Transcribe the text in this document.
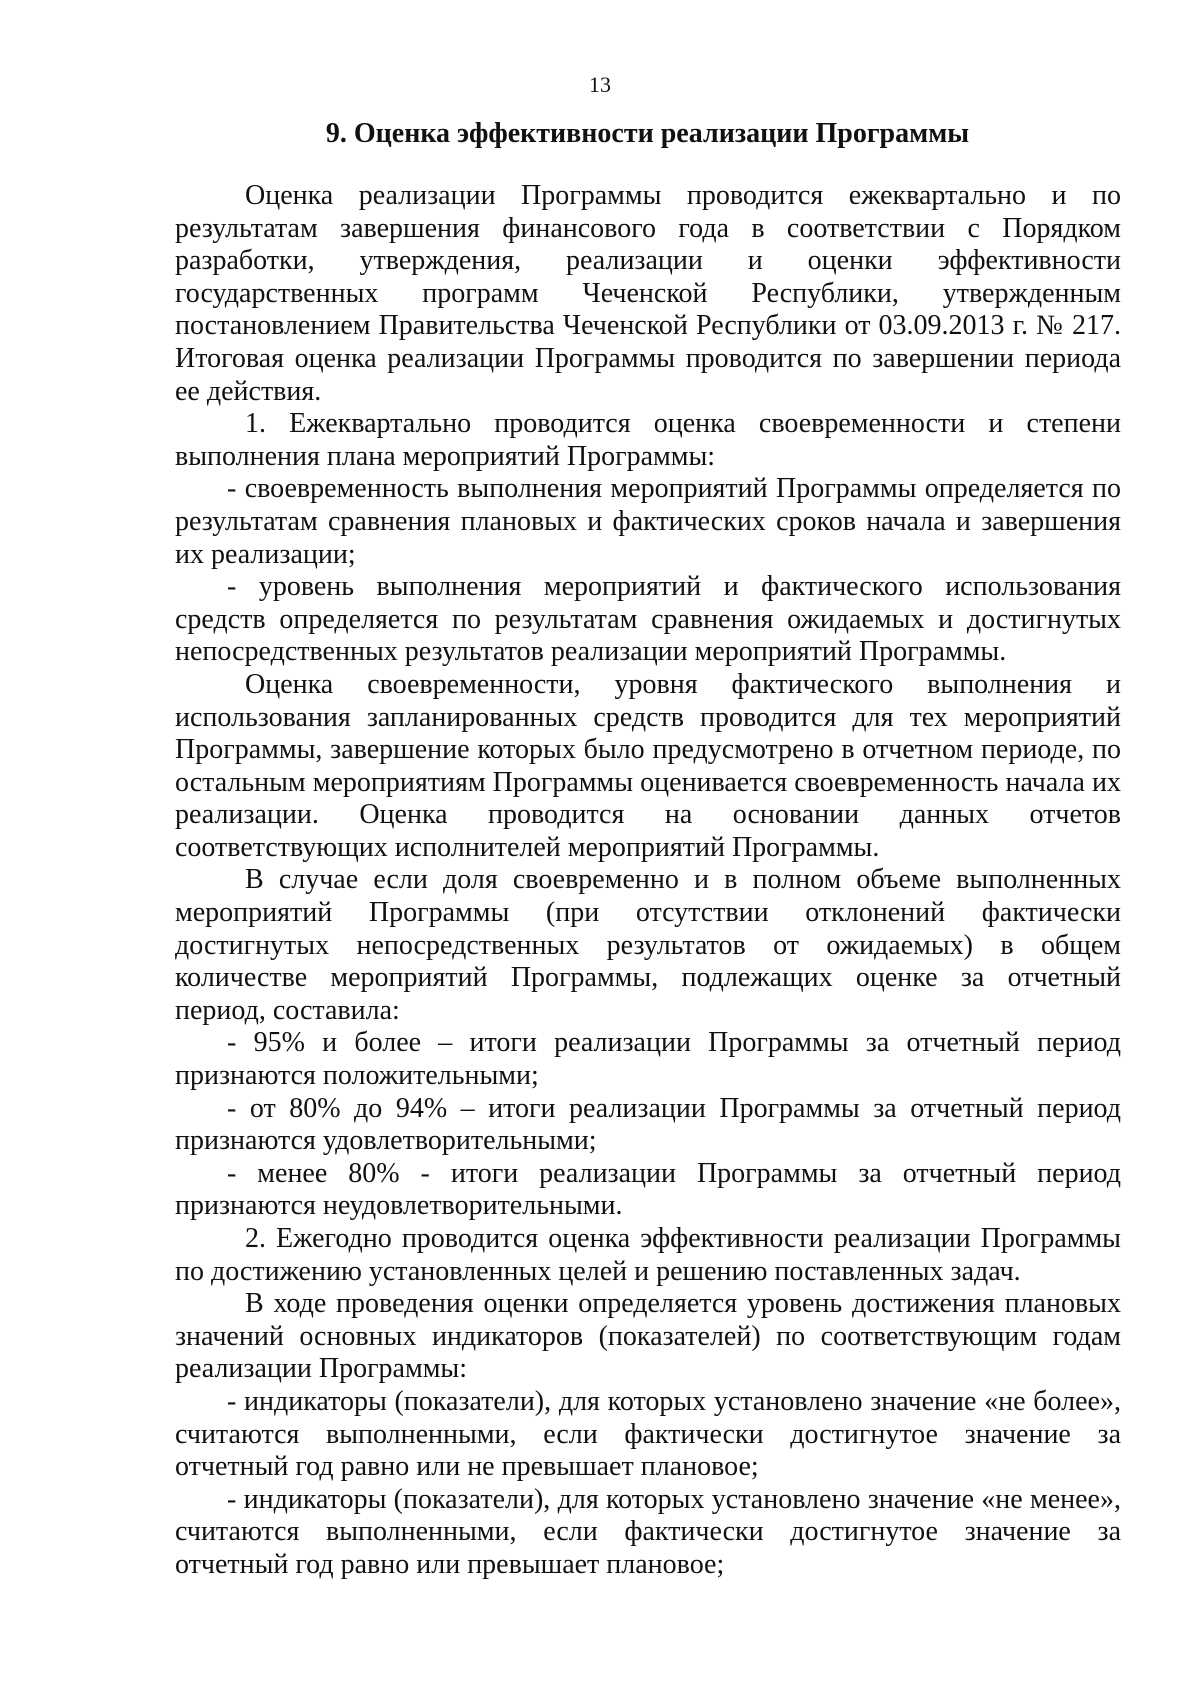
13
9. Оценка эффективности реализации Программы

Оценка реализации Программы проводится ежеквартально и по результатам завершения финансового года в соответствии с Порядком разработки, утверждения, реализации и оценки эффективности государственных программ Чеченской Республики, утвержденным постановлением Правительства Чеченской Республики от 03.09.2013 г. № 217. Итоговая оценка реализации Программы проводится по завершении периода ее действия.

1. Ежеквартально проводится оценка своевременности и степени выполнения плана мероприятий Программы:

- своевременность выполнения мероприятий Программы определяется по результатам сравнения плановых и фактических сроков начала и завершения их реализации;

- уровень выполнения мероприятий и фактического использования средств определяется по результатам сравнения ожидаемых и достигнутых непосредственных результатов реализации мероприятий Программы.

Оценка своевременности, уровня фактического выполнения и использования запланированных средств проводится для тех мероприятий Программы, завершение которых было предусмотрено в отчетном периоде, по остальным мероприятиям Программы оценивается своевременность начала их реализации. Оценка проводится на основании данных отчетов соответствующих исполнителей мероприятий Программы.

В случае если доля своевременно и в полном объеме выполненных мероприятий Программы (при отсутствии отклонений фактически достигнутых непосредственных результатов от ожидаемых) в общем количестве мероприятий Программы, подлежащих оценке за отчетный период, составила:

- 95% и более – итоги реализации Программы за отчетный период признаются положительными;

- от 80% до 94% – итоги реализации Программы за отчетный период признаются удовлетворительными;

- менее 80% - итоги реализации Программы за отчетный период признаются неудовлетворительными.

2. Ежегодно проводится оценка эффективности реализации Программы по достижению установленных целей и решению поставленных задач.

В ходе проведения оценки определяется уровень достижения плановых значений основных индикаторов (показателей) по соответствующим годам реализации Программы:

- индикаторы (показатели), для которых установлено значение «не более», считаются выполненными, если фактически достигнутое значение за отчетный год равно или не превышает плановое;

- индикаторы (показатели), для которых установлено значение «не менее», считаются выполненными, если фактически достигнутое значение за отчетный год равно или превышает плановое;
